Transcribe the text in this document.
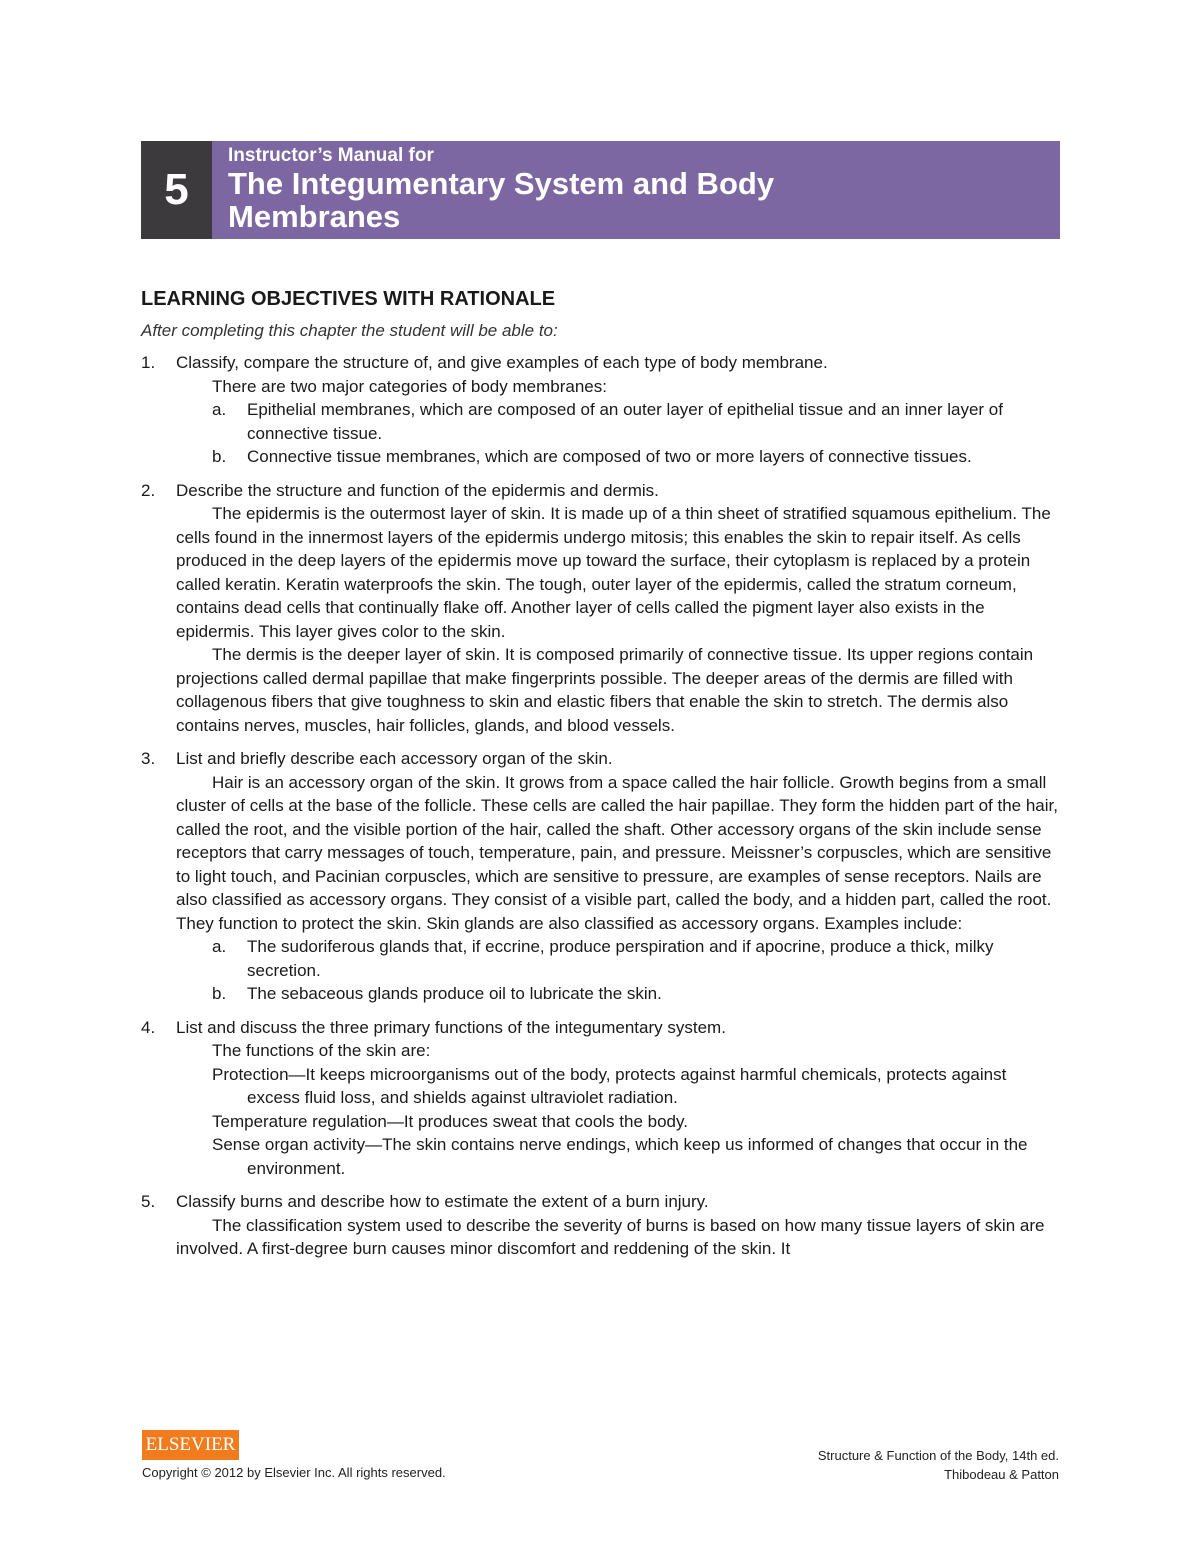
5
Instructor’s Manual for
The Integumentary System and Body
Membranes
LEARNING OBJECTIVES WITH RATIONALE
After completing this chapter the student will be able to:
1. Classify, compare the structure of, and give examples of each type of body membrane.
There are two major categories of body membranes:
a. Epithelial membranes, which are composed of an outer layer of epithelial tissue and an inner layer of connective tissue.
b. Connective tissue membranes, which are composed of two or more layers of connective tissues.
2. Describe the structure and function of the epidermis and dermis.
The epidermis is the outermost layer of skin. It is made up of a thin sheet of stratified squamous epithelium. The cells found in the innermost layers of the epidermis undergo mitosis; this enables the skin to repair itself. As cells produced in the deep layers of the epidermis move up toward the surface, their cytoplasm is replaced by a protein called keratin. Keratin waterproofs the skin. The tough, outer layer of the epidermis, called the stratum corneum, contains dead cells that continually flake off. Another layer of cells called the pigment layer also exists in the epidermis. This layer gives color to the skin.
The dermis is the deeper layer of skin. It is composed primarily of connective tissue. Its upper regions contain projections called dermal papillae that make fingerprints possible. The deeper areas of the dermis are filled with collagenous fibers that give toughness to skin and elastic fibers that enable the skin to stretch. The dermis also contains nerves, muscles, hair follicles, glands, and blood vessels.
3. List and briefly describe each accessory organ of the skin.
Hair is an accessory organ of the skin. It grows from a space called the hair follicle. Growth begins from a small cluster of cells at the base of the follicle. These cells are called the hair papillae. They form the hidden part of the hair, called the root, and the visible portion of the hair, called the shaft. Other accessory organs of the skin include sense receptors that carry messages of touch, temperature, pain, and pressure. Meissner’s corpuscles, which are sensitive to light touch, and Pacinian corpuscles, which are sensitive to pressure, are examples of sense receptors. Nails are also classified as accessory organs. They consist of a visible part, called the body, and a hidden part, called the root. They function to protect the skin. Skin glands are also classified as accessory organs. Examples include:
a. The sudoriferous glands that, if eccrine, produce perspiration and if apocrine, produce a thick, milky secretion.
b. The sebaceous glands produce oil to lubricate the skin.
4. List and discuss the three primary functions of the integumentary system.
The functions of the skin are:
Protection—It keeps microorganisms out of the body, protects against harmful chemicals, protects against excess fluid loss, and shields against ultraviolet radiation.
Temperature regulation—It produces sweat that cools the body.
Sense organ activity—The skin contains nerve endings, which keep us informed of changes that occur in the environment.
5. Classify burns and describe how to estimate the extent of a burn injury.
The classification system used to describe the severity of burns is based on how many tissue layers of skin are involved. A first-degree burn causes minor discomfort and reddening of the skin. It
ELSEVIER
Copyright © 2012 by Elsevier Inc. All rights reserved.
Structure & Function of the Body, 14th ed.
Thibodeau & Patton
